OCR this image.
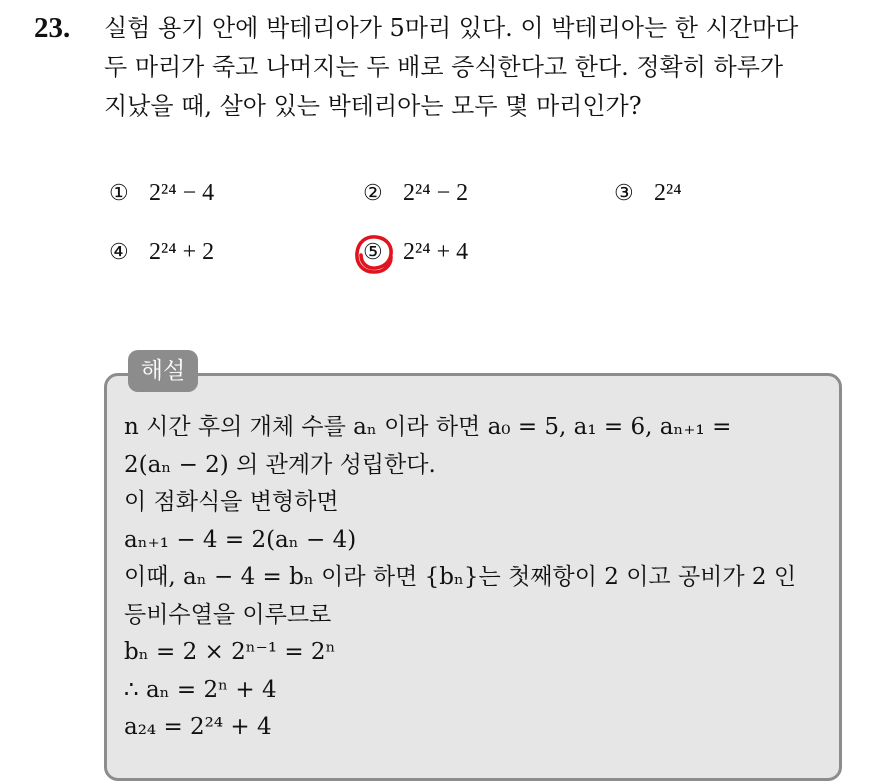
23. 실험 용기 안에 박테리아가 5마리 있다. 이 박테리아는 한 시간마다
두 마리가 죽고 나머지는 두 배로 증식한다고 한다. 정확히 하루가
지났을 때, 살아 있는 박테리아는 모두 몇 마리인가?
① 2²⁴ − 4	② 2²⁴ − 2	③ 2²⁴
④ 2²⁴ + 2	⑤ 2²⁴ + 4
해설
n 시간 후의 개체 수를 aₙ 이라 하면 a₀ = 5, a₁ = 6, aₙ₊₁ =
2(aₙ − 2) 의 관계가 성립한다.
이 점화식을 변형하면
aₙ₊₁ − 4 = 2(aₙ − 4)
이때, aₙ − 4 = bₙ 이라 하면 {bₙ}는 첫째항이 2 이고 공비가 2 인
등비수열을 이루므로
bₙ = 2 × 2ⁿ⁻¹ = 2ⁿ
∴ aₙ = 2ⁿ + 4
a₂₄ = 2²⁴ + 4
